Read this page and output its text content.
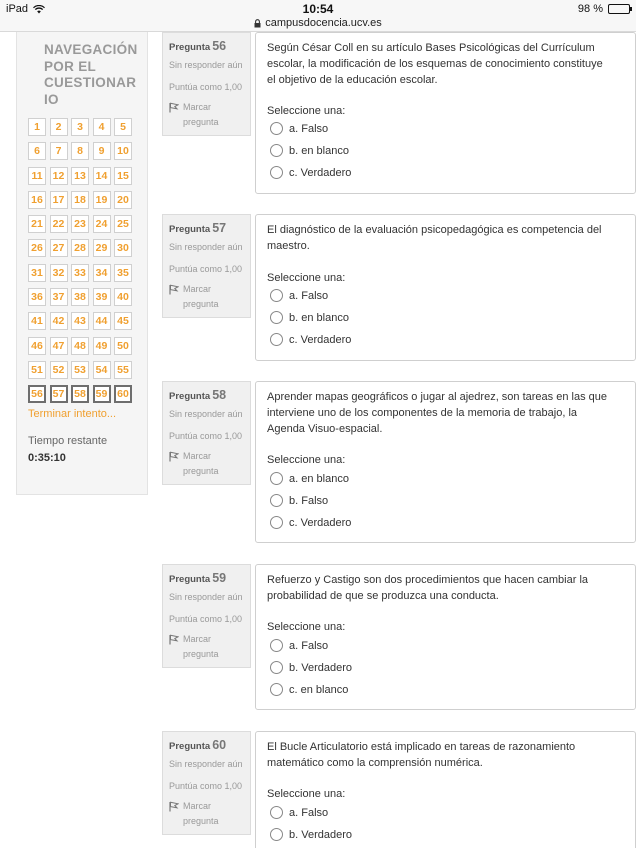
iPad	10:54	98 %
campusdocencia.ucv.es
NAVEGACIÓN
POR EL
CUESTIONAR
IO
1	2	3	4	5
6	7	8	9	10
11 12 13 14 15
16 17 18 19 20
21 22 23 24 25
26 27 28 29 30
31 32 33 34 35
36 37 38 39 40
41 42 43 44 45
46 47 48 49 50
51 52 53 54 55
56 57 58 59 60
Terminar intento...
Tiempo restante
0:35:10
Pregunta 56
Sin responder aún
Puntúa como 1,00
Marcar
pregunta
Según César Coll en su artículo Bases Psicológicas del Currículum
escolar, la modificación de los esquemas de conocimiento constituye
el objetivo de la educación escolar.
Seleccione una:
a. Falso
b. en blanco
c. Verdadero
Pregunta 57
Sin responder aún
Puntúa como 1,00
Marcar
pregunta
El diagnóstico de la evaluación psicopedagógica es competencia del
maestro.
Seleccione una:
a. Falso
b. en blanco
c. Verdadero
Pregunta 58
Sin responder aún
Puntúa como 1,00
Marcar
pregunta
Aprender mapas geográficos o jugar al ajedrez, son tareas en las que
interviene uno de los componentes de la memoria de trabajo, la
Agenda Visuo-espacial.
Seleccione una:
a. en blanco
b. Falso
c. Verdadero
Pregunta 59
Sin responder aún
Puntúa como 1,00
Marcar
pregunta
Refuerzo y Castigo son dos procedimientos que hacen cambiar la
probabilidad de que se produzca una conducta.
Seleccione una:
a. Falso
b. Verdadero
c. en blanco
Pregunta 60
Sin responder aún
Puntúa como 1,00
Marcar
pregunta
El Bucle Articulatorio está implicado en tareas de razonamiento
matemático como la comprensión numérica.
Seleccione una:
a. Falso
b. Verdadero
